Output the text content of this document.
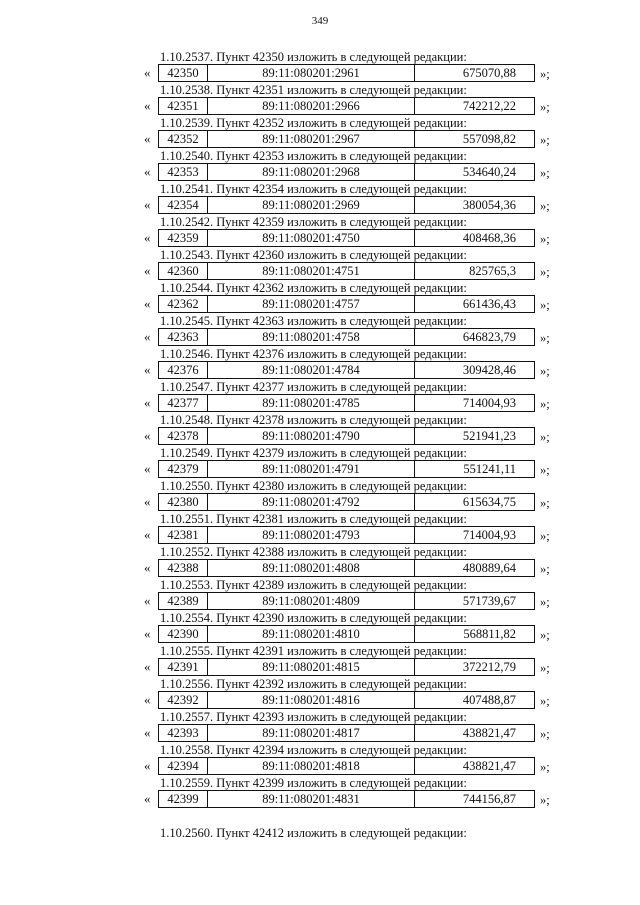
349
1.10.2537. Пункт 42350 изложить в следующей редакции:
«	42350	89:11:080201:2961	675070,88	»;
1.10.2538. Пункт 42351 изложить в следующей редакции:
«	42351	89:11:080201:2966	742212,22	»;
1.10.2539. Пункт 42352 изложить в следующей редакции:
«	42352	89:11:080201:2967	557098,82	»;
1.10.2540. Пункт 42353 изложить в следующей редакции:
«	42353	89:11:080201:2968	534640,24	»;
1.10.2541. Пункт 42354 изложить в следующей редакции:
«	42354	89:11:080201:2969	380054,36	»;
1.10.2542. Пункт 42359 изложить в следующей редакции:
«	42359	89:11:080201:4750	408468,36	»;
1.10.2543. Пункт 42360 изложить в следующей редакции:
«	42360	89:11:080201:4751	825765,3	»;
1.10.2544. Пункт 42362 изложить в следующей редакции:
«	42362	89:11:080201:4757	661436,43	»;
1.10.2545. Пункт 42363 изложить в следующей редакции:
«	42363	89:11:080201:4758	646823,79	»;
1.10.2546. Пункт 42376 изложить в следующей редакции:
«	42376	89:11:080201:4784	309428,46	»;
1.10.2547. Пункт 42377 изложить в следующей редакции:
«	42377	89:11:080201:4785	714004,93	»;
1.10.2548. Пункт 42378 изложить в следующей редакции:
«	42378	89:11:080201:4790	521941,23	»;
1.10.2549. Пункт 42379 изложить в следующей редакции:
«	42379	89:11:080201:4791	551241,11	»;
1.10.2550. Пункт 42380 изложить в следующей редакции:
«	42380	89:11:080201:4792	615634,75	»;
1.10.2551. Пункт 42381 изложить в следующей редакции:
«	42381	89:11:080201:4793	714004,93	»;
1.10.2552. Пункт 42388 изложить в следующей редакции:
«	42388	89:11:080201:4808	480889,64	»;
1.10.2553. Пункт 42389 изложить в следующей редакции:
«	42389	89:11:080201:4809	571739,67	»;
1.10.2554. Пункт 42390 изложить в следующей редакции:
«	42390	89:11:080201:4810	568811,82	»;
1.10.2555. Пункт 42391 изложить в следующей редакции:
«	42391	89:11:080201:4815	372212,79	»;
1.10.2556. Пункт 42392 изложить в следующей редакции:
«	42392	89:11:080201:4816	407488,87	»;
1.10.2557. Пункт 42393 изложить в следующей редакции:
«	42393	89:11:080201:4817	438821,47	»;
1.10.2558. Пункт 42394 изложить в следующей редакции:
«	42394	89:11:080201:4818	438821,47	»;
1.10.2559. Пункт 42399 изложить в следующей редакции:
«	42399	89:11:080201:4831	744156,87	»;
1.10.2560. Пункт 42412 изложить в следующей редакции:
